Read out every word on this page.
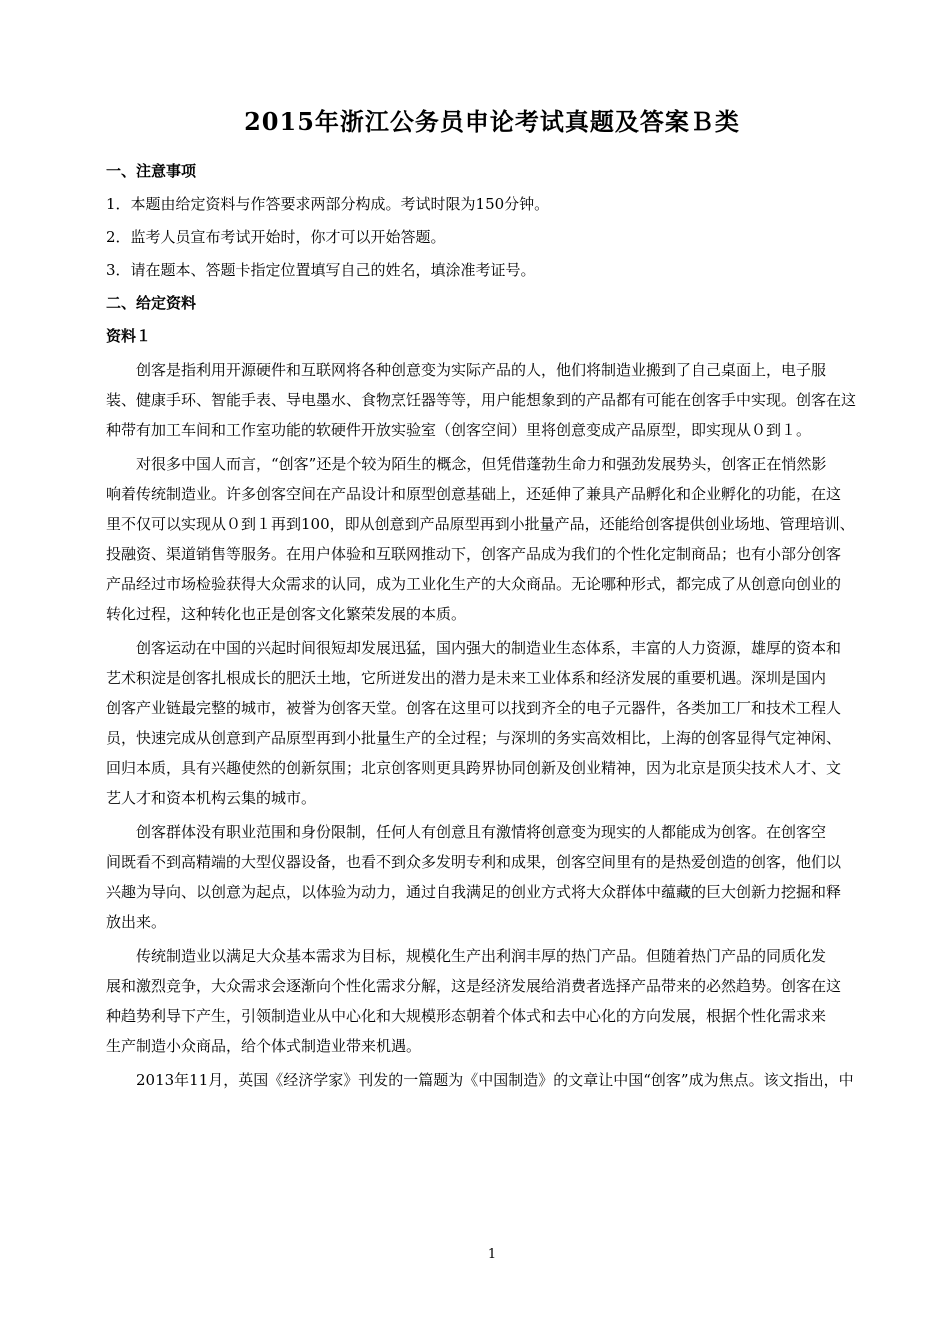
2015年浙江公务员申论考试真题及答案Ｂ类
一、注意事项
1．本题由给定资料与作答要求两部分构成。考试时限为150分钟。
2．监考人员宣布考试开始时，你才可以开始答题。
3．请在题本、答题卡指定位置填写自己的姓名，填涂准考证号。
二、给定资料
资料１
创客是指利用开源硬件和互联网将各种创意变为实际产品的人，他们将制造业搬到了自己桌面上，电子服
装、健康手环、智能手表、导电墨水、食物烹饪器等等，用户能想象到的产品都有可能在创客手中实现。创客在这
种带有加工车间和工作室功能的软硬件开放实验室（创客空间）里将创意变成产品原型，即实现从０到１。
对很多中国人而言，“创客”还是个较为陌生的概念，但凭借蓬勃生命力和强劲发展势头，创客正在悄然影
响着传统制造业。许多创客空间在产品设计和原型创意基础上，还延伸了兼具产品孵化和企业孵化的功能，在这
里不仅可以实现从０到１再到100，即从创意到产品原型再到小批量产品，还能给创客提供创业场地、管理培训、
投融资、渠道销售等服务。在用户体验和互联网推动下，创客产品成为我们的个性化定制商品；也有小部分创客
产品经过市场检验获得大众需求的认同，成为工业化生产的大众商品。无论哪种形式，都完成了从创意向创业的
转化过程，这种转化也正是创客文化繁荣发展的本质。
创客运动在中国的兴起时间很短却发展迅猛，国内强大的制造业生态体系，丰富的人力资源，雄厚的资本和
艺术积淀是创客扎根成长的肥沃土地，它所迸发出的潜力是未来工业体系和经济发展的重要机遇。深圳是国内
创客产业链最完整的城市，被誉为创客天堂。创客在这里可以找到齐全的电子元器件，各类加工厂和技术工程人
员，快速完成从创意到产品原型再到小批量生产的全过程；与深圳的务实高效相比，上海的创客显得气定神闲、
回归本质，具有兴趣使然的创新氛围；北京创客则更具跨界协同创新及创业精神，因为北京是顶尖技术人才、文
艺人才和资本机构云集的城市。
创客群体没有职业范围和身份限制，任何人有创意且有激情将创意变为现实的人都能成为创客。在创客空
间既看不到高精端的大型仪器设备，也看不到众多发明专利和成果，创客空间里有的是热爱创造的创客，他们以
兴趣为导向、以创意为起点，以体验为动力，通过自我满足的创业方式将大众群体中蕴藏的巨大创新力挖掘和释
放出来。
传统制造业以满足大众基本需求为目标，规模化生产出利润丰厚的热门产品。但随着热门产品的同质化发
展和激烈竞争，大众需求会逐渐向个性化需求分解，这是经济发展给消费者选择产品带来的必然趋势。创客在这
种趋势利导下产生，引领制造业从中心化和大规模形态朝着个体式和去中心化的方向发展，根据个性化需求来
生产制造小众商品，给个体式制造业带来机遇。
2013年11月，英国《经济学家》刊发的一篇题为《中国制造》的文章让中国“创客”成为焦点。该文指出，中
1
